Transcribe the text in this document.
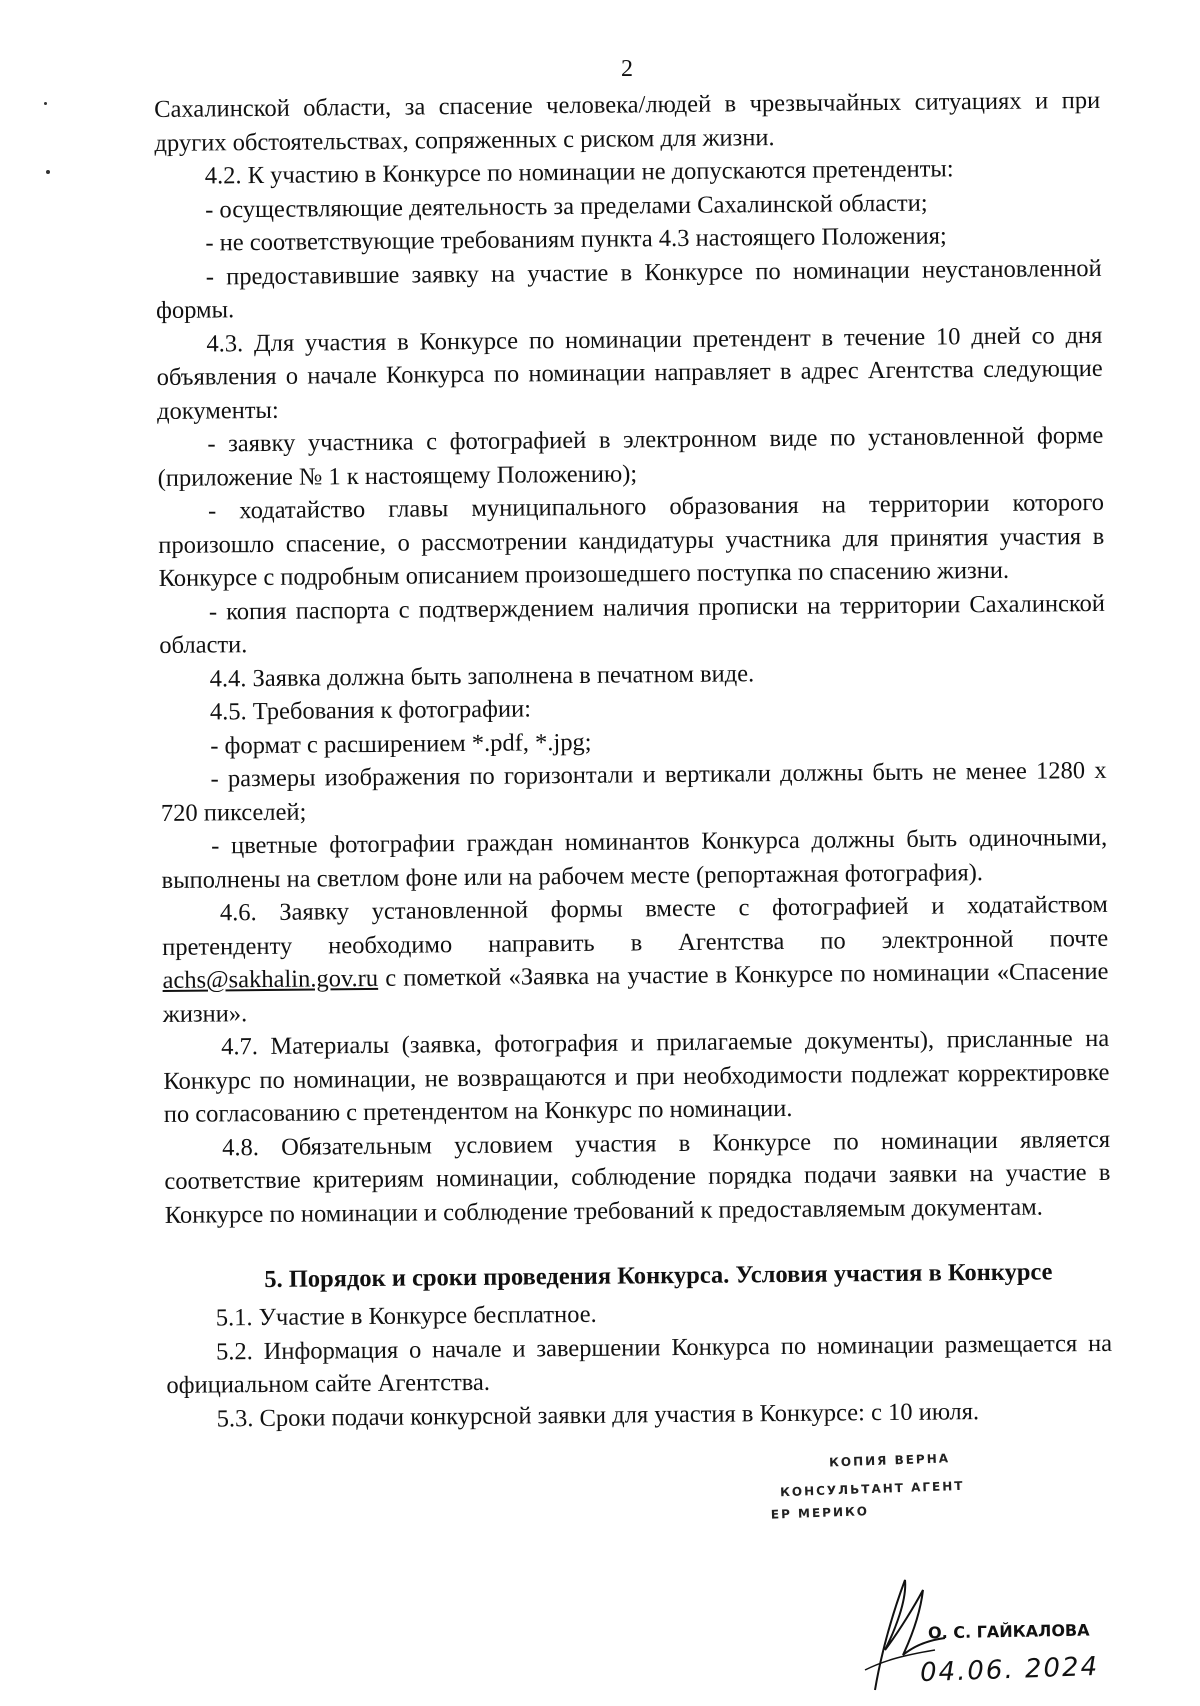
2

Сахалинской области, за спасение человека/людей в чрезвычайных ситуациях и при других обстоятельствах, сопряженных с риском для жизни.

4.2. К участию в Конкурсе по номинации не допускаются претенденты:

- осуществляющие деятельность за пределами Сахалинской области;

- не соответствующие требованиям пункта 4.3 настоящего Положения;

- предоставившие заявку на участие в Конкурсе по номинации неустановленной формы.

4.3. Для участия в Конкурсе по номинации претендент в течение 10 дней со дня объявления о начале Конкурса по номинации направляет в адрес Агентства следующие документы:

- заявку участника с фотографией в электронном виде по установленной форме (приложение № 1 к настоящему Положению);

- ходатайство главы муниципального образования на территории которого произошло спасение, о рассмотрении кандидатуры участника для принятия участия в Конкурсе с подробным описанием произошедшего поступка по спасению жизни.

- копия паспорта с подтверждением наличия прописки на территории Сахалинской области.

4.4. Заявка должна быть заполнена в печатном виде.

4.5. Требования к фотографии:

- формат с расширением *.pdf, *.jpg;

- размеры изображения по горизонтали и вертикали должны быть не менее 1280 x 720 пикселей;

- цветные фотографии граждан номинантов Конкурса должны быть одиночными, выполнены на светлом фоне или на рабочем месте (репортажная фотография).

4.6. Заявку установленной формы вместе с фотографией и ходатайством претенденту необходимо направить в Агентства по электронной почте achs@sakhalin.gov.ru с пометкой «Заявка на участие в Конкурсе по номинации «Спасение жизни».

4.7. Материалы (заявка, фотография и прилагаемые документы), присланные на Конкурс по номинации, не возвращаются и при необходимости подлежат корректировке по согласованию с претендентом на Конкурс по номинации.

4.8. Обязательным условием участия в Конкурсе по номинации является соответствие критериям номинации, соблюдение порядка подачи заявки на участие в Конкурсе по номинации и соблюдение требований к предоставляемым документам.

5. Порядок и сроки проведения Конкурса. Условия участия в Конкурсе

5.1. Участие в Конкурсе бесплатное.

5.2. Информация о начале и завершении Конкурса по номинации размещается на официальном сайте Агентства.

5.3. Сроки подачи конкурсной заявки для участия в Конкурсе: с 10 июля.

КОПИЯ ВЕРНА
КОНСУЛЬТАНТ АГЕНТ
ЕР МЕРИКО
О. С. ГАЙКАЛОВА
04.06. 2024
